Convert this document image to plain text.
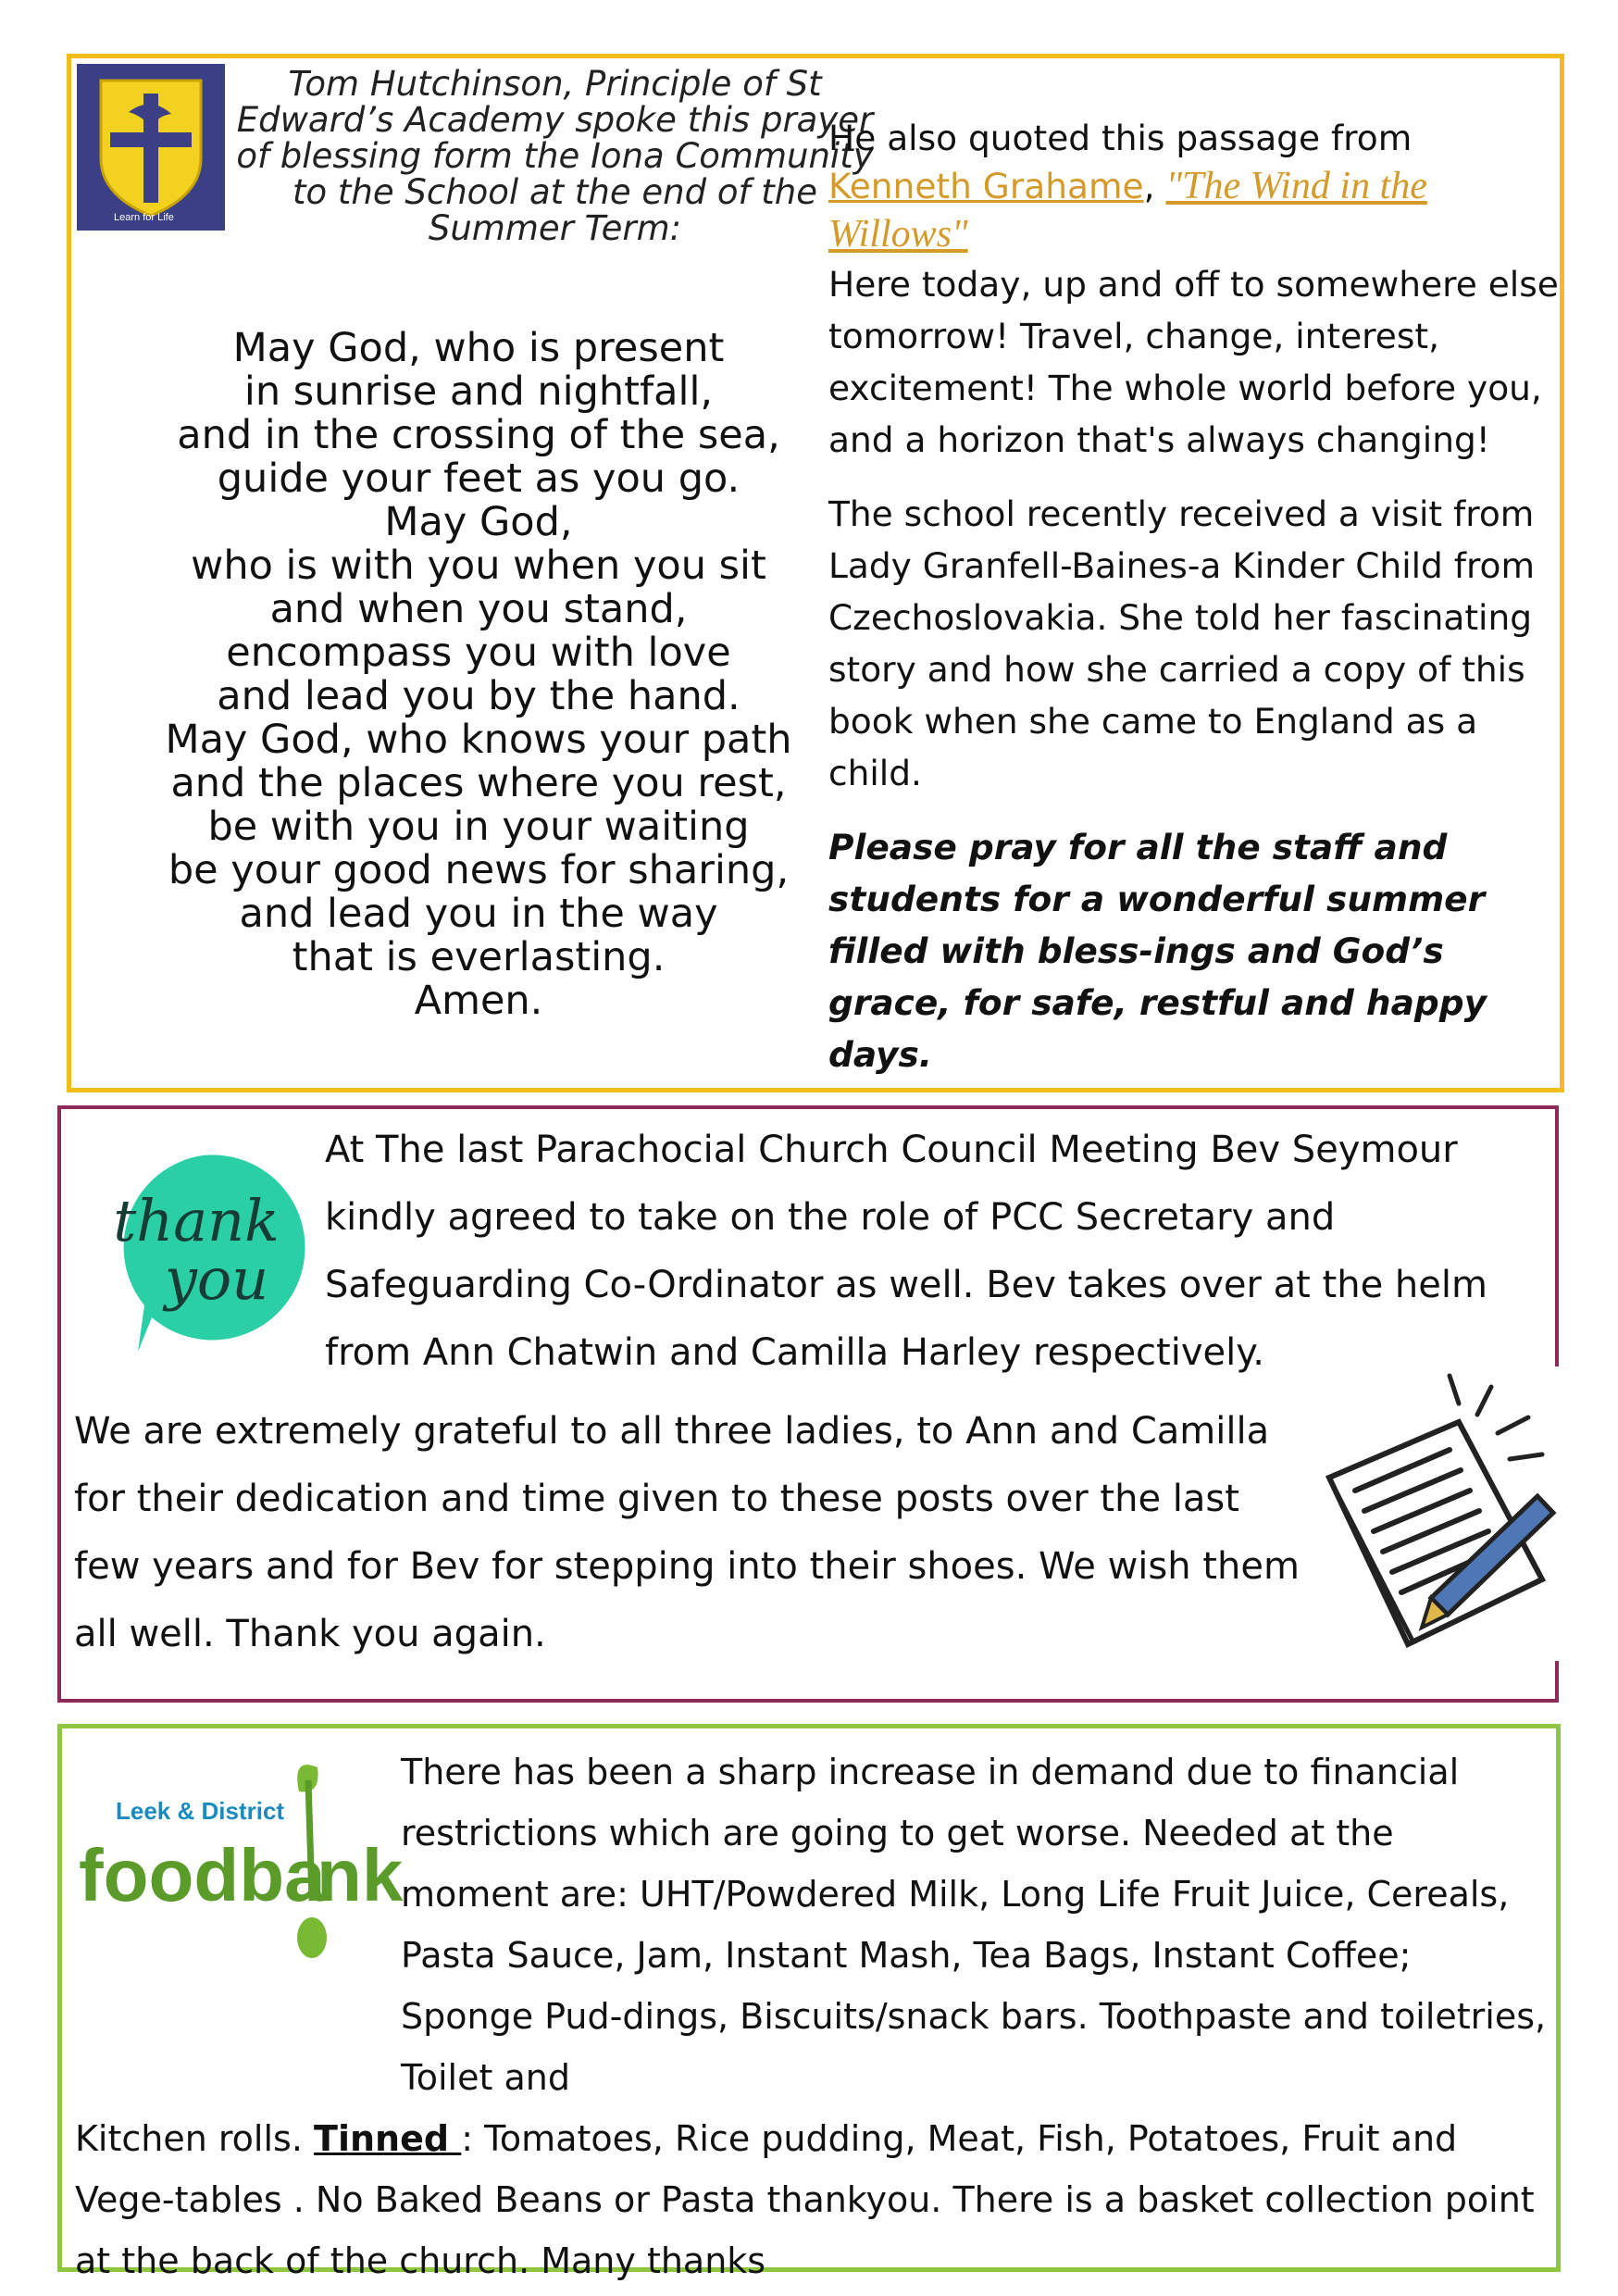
Learn for Life
Tom Hutchinson, Principle of St Edward’s Academy spoke this prayer of blessing form the Iona Community to the School at the end of the Summer Term:
May God, who is present
in sunrise and nightfall,
and in the crossing of the sea,
guide your feet as you go.
May God,
who is with you when you sit
and when you stand,
encompass you with love
and lead you by the hand.
May God, who knows your path
and the places where you rest,
be with you in your waiting
be your good news for sharing,
and lead you in the way
that is everlasting.
Amen.

He also quoted this passage from
Kenneth Grahame, "The Wind in the Willows"

Here today, up and off to somewhere else tomorrow! Travel, change, interest, excitement! The whole world before you, and a horizon that's always changing!

The school recently received a visit from Lady Granfell-Baines-a Kinder Child from Czechoslovakia. She told her fascinating story and how she carried a copy of this book when she came to England as a child.

Please pray for all the staff and students for a wonderful summer filled with bless-ings and God’s grace, for safe, restful and happy days.

thank
you
At The last Parachocial Church Council Meeting Bev Seymour kindly agreed to take on the role of PCC Secretary and Safeguarding Co-Ordinator as well. Bev takes over at the helm from Ann Chatwin and Camilla Harley respectively.
We are extremely grateful to all three ladies, to Ann and Camilla for their dedication and time given to these posts over the last few years and for Bev for stepping into their shoes. We wish them all well. Thank you again.
Leek & District
foodba
nk
There has been a sharp increase in demand due to financial restrictions which are going to get worse. Needed at the moment are: UHT/Powdered Milk, Long Life Fruit Juice, Cereals, Pasta Sauce, Jam, Instant Mash, Tea Bags, Instant Coffee; Sponge Pud-dings, Biscuits/snack bars. Toothpaste and toiletries, Toilet and
Kitchen rolls. Tinned : Tomatoes, Rice pudding, Meat, Fish, Potatoes, Fruit and Vege-tables . No Baked Beans or Pasta thankyou. There is a basket collection point at the back of the church. Many thanks
